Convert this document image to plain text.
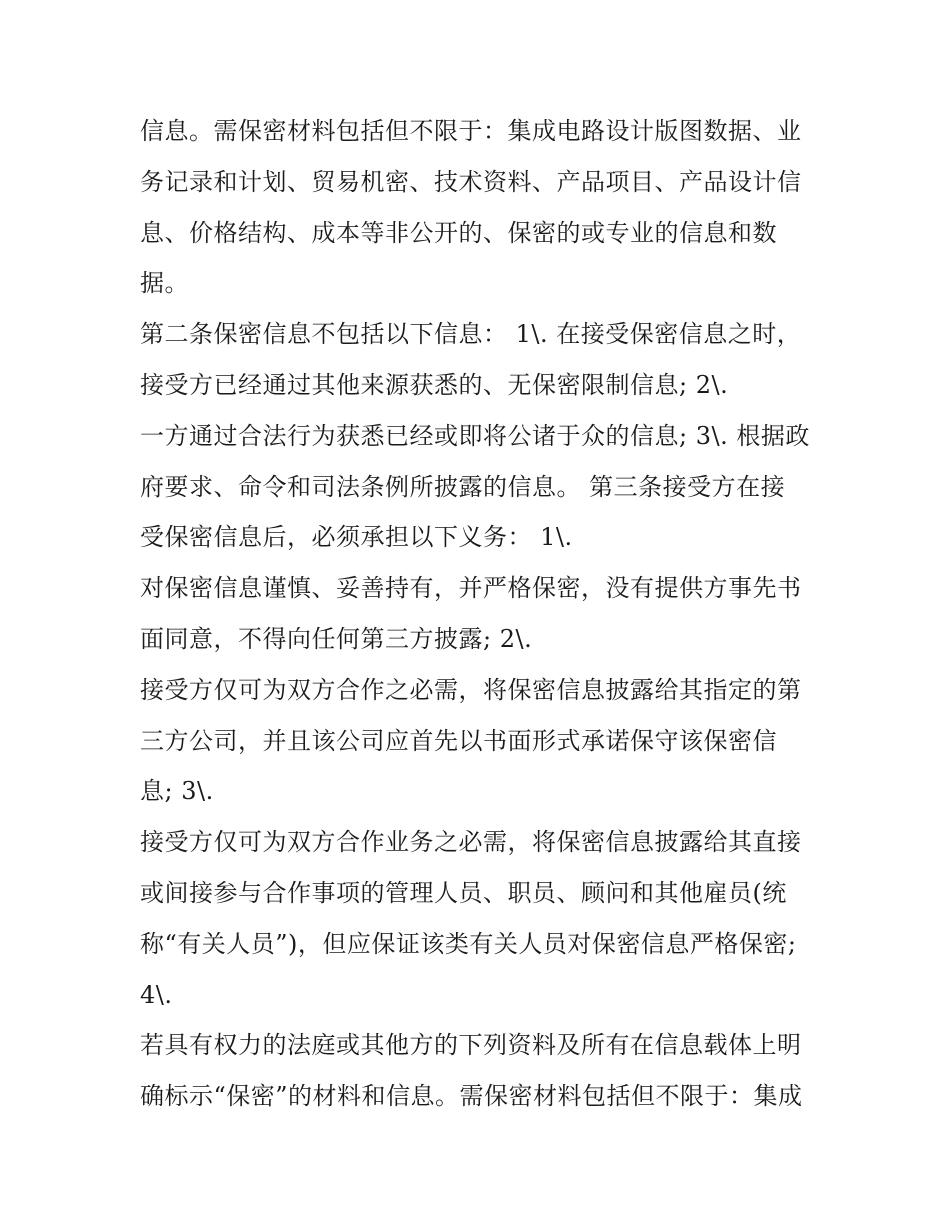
信息。需保密材料包括但不限于：集成电路设计版图数据、业
务记录和计划、贸易机密、技术资料、产品项目、产品设计信
息、价格结构、成本等非公开的、保密的或专业的信息和数
据。
第二条保密信息不包括以下信息： 1\. 在接受保密信息之时，
接受方已经通过其他来源获悉的、无保密限制信息; 2\.
一方通过合法行为获悉已经或即将公诸于众的信息; 3\. 根据政
府要求、命令和司法条例所披露的信息。 第三条接受方在接
受保密信息后，必须承担以下义务： 1\.
对保密信息谨慎、妥善持有，并严格保密，没有提供方事先书
面同意，不得向任何第三方披露; 2\.
接受方仅可为双方合作之必需，将保密信息披露给其指定的第
三方公司，并且该公司应首先以书面形式承诺保守该保密信
息; 3\.
接受方仅可为双方合作业务之必需，将保密信息披露给其直接
或间接参与合作事项的管理人员、职员、顾问和其他雇员(统
称“有关人员”)，但应保证该类有关人员对保密信息严格保密;
4\.
若具有权力的法庭或其他方的下列资料及所有在信息载体上明
确标示“保密”的材料和信息。需保密材料包括但不限于：集成
